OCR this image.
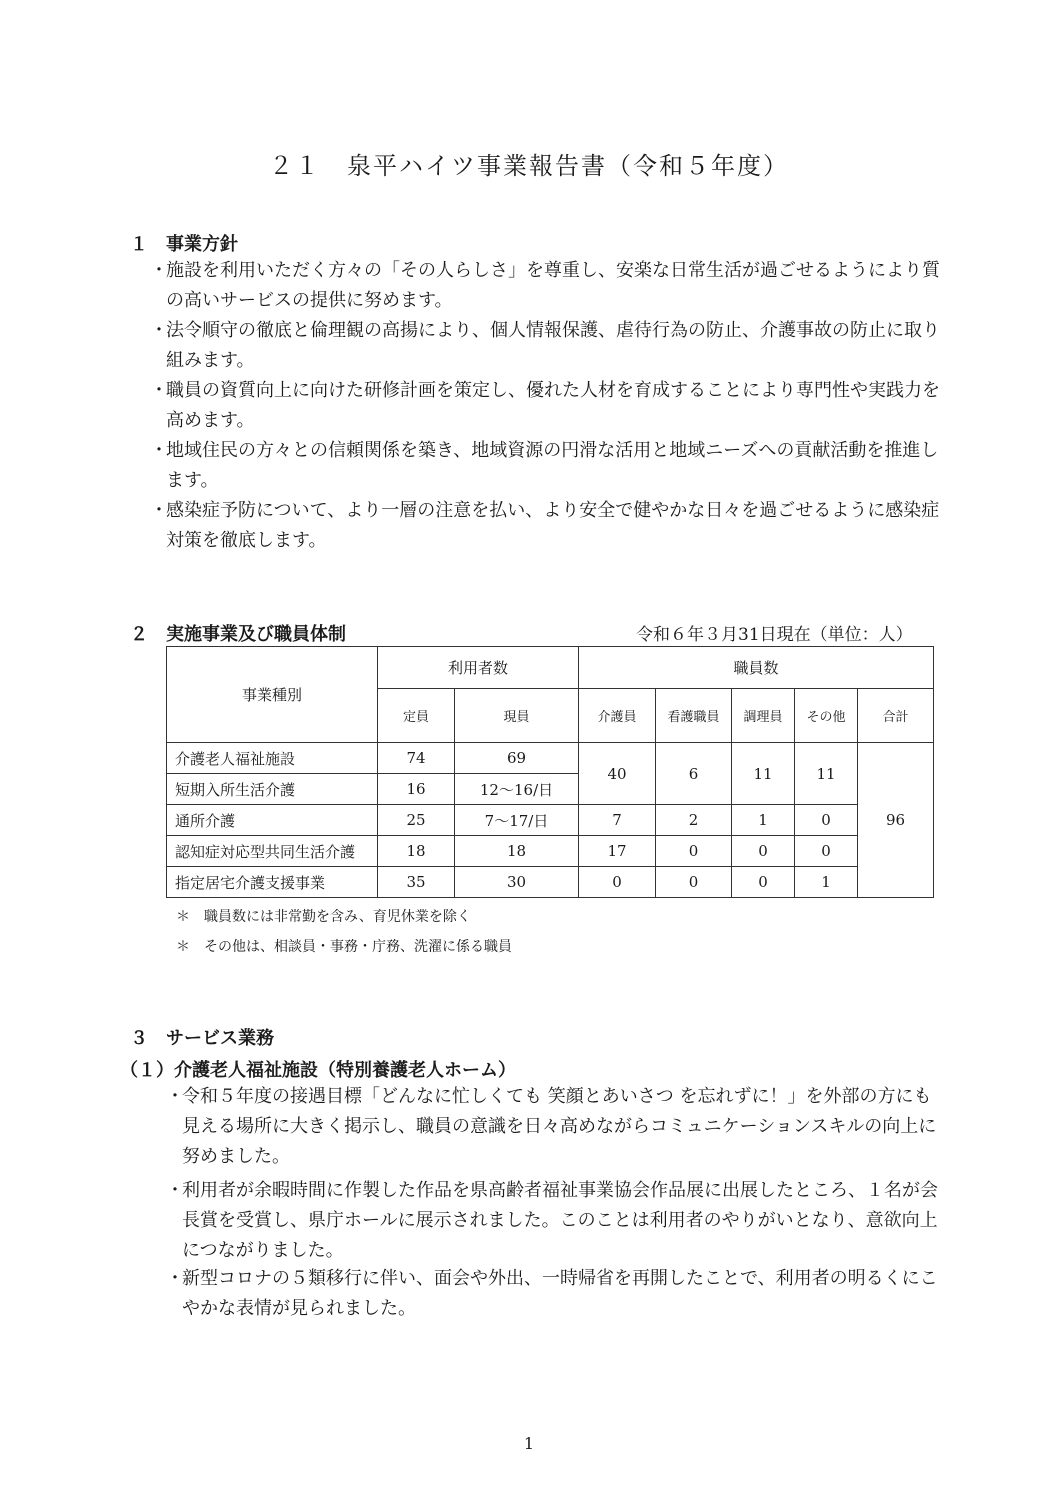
２１　泉平ハイツ事業報告書（令和５年度）
１　事業方針
・
施設を利用いただく方々の「その人らしさ」を尊重し、安楽な日常生活が過ごせるようにより質の高いサービスの提供に努めます。
・
法令順守の徹底と倫理観の高揚により、個人情報保護、虐待行為の防止、介護事故の防止に取り組みます。
・
職員の資質向上に向けた研修計画を策定し、優れた人材を育成することにより専門性や実践力を高めます。
・
地域住民の方々との信頼関係を築き、地域資源の円滑な活用と地域ニーズへの貢献活動を推進します。
・
感染症予防について、より一層の注意を払い、より安全で健やかな日々を過ごせるように感染症対策を徹底します。
２　実施事業及び職員体制	令和６年３月31日現在（単位：人）
事業種別	利用者数		職員数				
	定員	現員	介護員	看護職員	調理員	その他	合計
介護老人福祉施設	74	69	40	6	11	11	96
短期入所生活介護	16	12〜16/日					
通所介護	25	7〜17/日	7	2	1	0	
認知症対応型共同生活介護	18	18	17	0	0	0	
指定居宅介護支援事業	35	30	0	0	0	1	
＊　職員数には非常勤を含み、育児休業を除く
＊　その他は、相談員・事務・庁務、洗濯に係る職員
３　サービス業務
（１）介護老人福祉施設（特別養護老人ホーム）
・
令和５年度の接遇目標「どんなに忙しくても 笑顔とあいさつ を忘れずに！」を外部の方にも見える場所に大きく掲示し、職員の意識を日々高めながらコミュニケーションスキルの向上に努めました。
・
利用者が余暇時間に作製した作品を県高齢者福祉事業協会作品展に出展したところ、１名が会長賞を受賞し、県庁ホールに展示されました。このことは利用者のやりがいとなり、意欲向上につながりました。
・
新型コロナの５類移行に伴い、面会や外出、一時帰省を再開したことで、利用者の明るくにこやかな表情が見られました。
1
